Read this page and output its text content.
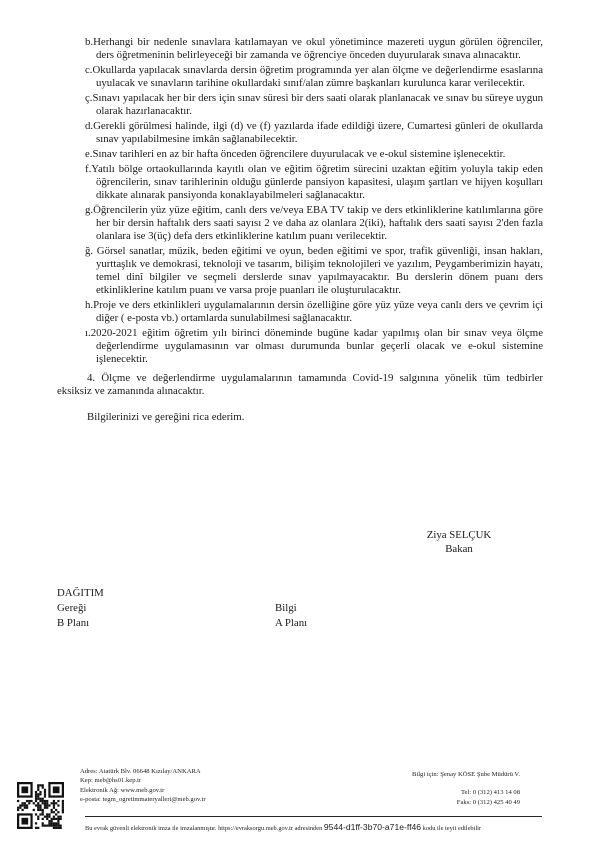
b.Herhangi bir nedenle sınavlara katılamayan ve okul yönetimince mazereti uygun görülen öğrenciler, ders öğretmeninin belirleyeceği bir zamanda ve öğrenciye önceden duyurularak sınava alınacaktır.
c.Okullarda yapılacak sınavlarda dersin öğretim programında yer alan ölçme ve değerlendirme esaslarına uyulacak ve sınavların tarihine okullardaki sınıf/alan zümre başkanları kurulunca karar verilecektir.
ç.Sınavı yapılacak her bir ders için sınav süresi bir ders saati olarak planlanacak ve sınav bu süreye uygun olarak hazırlanacaktır.
d.Gerekli görülmesi halinde, ilgi (d) ve (f) yazılarda ifade edildiği üzere, Cumartesi günleri de okullarda sınav yapılabilmesine imkân sağlanabilecektir.
e.Sınav tarihleri en az bir hafta önceden öğrencilere duyurulacak ve e-okul sistemine işlenecektir.
f.Yatılı bölge ortaokullarında kayıtlı olan ve eğitim öğretim sürecini uzaktan eğitim yoluyla takip eden öğrencilerin, sınav tarihlerinin olduğu günlerde pansiyon kapasitesi, ulaşım şartları ve hijyen koşulları dikkate alınarak pansiyonda konaklayabilmeleri sağlanacaktır.
g.Öğrencilerin yüz yüze eğitim, canlı ders ve/veya EBA TV takip ve ders etkinliklerine katılımlarına göre her bir dersin haftalık ders saati sayısı 2 ve daha az olanlara 2(iki), haftalık ders saati sayısı 2'den fazla olanlara ise 3(üç) defa ders etkinliklerine katılım puanı verilecektir.
ğ. Görsel sanatlar, müzik, beden eğitimi ve oyun, beden eğitimi ve spor, trafik güvenliği, insan hakları, yurttaşlık ve demokrasi, teknoloji ve tasarım, bilişim teknolojileri ve yazılım, Peygamberimizin hayatı, temel dinî bilgiler ve seçmeli derslerde sınav yapılmayacaktır. Bu derslerin dönem puanı ders etkinliklerine katılım puanı ve varsa proje puanları ile oluşturulacaktır.
h.Proje ve ders etkinlikleri uygulamalarının dersin özelliğine göre yüz yüze veya canlı ders ve çevrim içi diğer ( e-posta vb.) ortamlarda sunulabilmesi sağlanacaktır.
ı.2020-2021 eğitim öğretim yılı birinci döneminde bugüne kadar yapılmış olan bir sınav veya ölçme değerlendirme uygulamasının var olması durumunda bunlar geçerli olacak ve e-okul sistemine işlenecektir.
4. Ölçme ve değerlendirme uygulamalarının tamamında Covid-19 salgınına yönelik tüm tedbirler eksiksiz ve zamanında alınacaktır.
Bilgilerinizi ve gereğini rica ederim.
Ziya SELÇUK
Bakan
DAĞITIM
Gereği	Bilgi
B Planı	A Planı
Adres: Atatürk Blv. 06648 Kızılay/ANKARA
Kep: meb@hs01.kep.tr
Elektronik Ağ: www.meb.gov.tr
e-posta: tegm_ogretimmateryalleri@meb.gov.tr
Bilgi için: Şenay KÖSE Şube Müdürü V.
Tel: 0 (312) 413 14 08
Faks: 0 (312) 425 40 49
Bu evrak güvenli elektronik imza ile imzalanmıştır. https://evraksorgu.meb.gov.tr adresinden 9544-d1ff-3b70-a71e-ff46 kodu ile teyit edilebilir
